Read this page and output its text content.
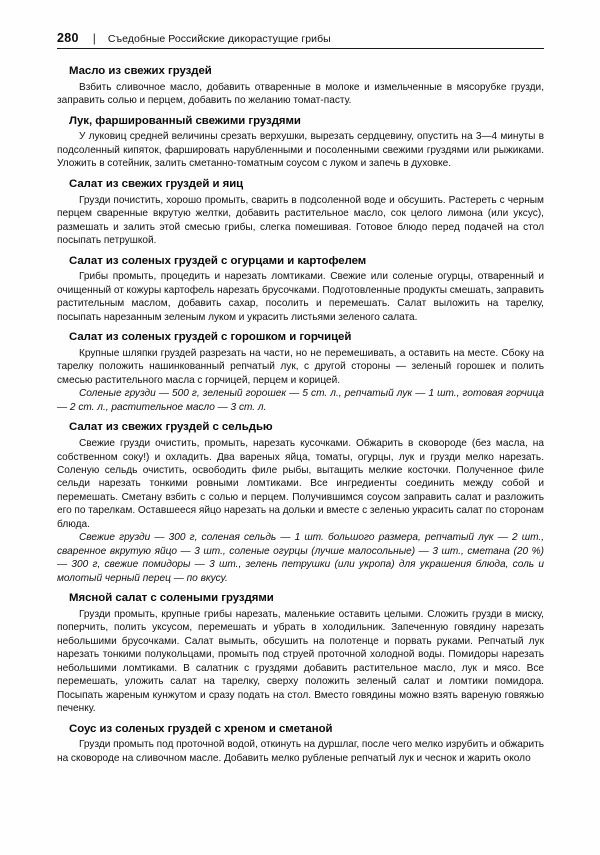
280 | Съедобные Российские дикорастущие грибы
Масло из свежих груздей

Взбить сливочное масло, добавить отваренные в молоке и измельченные в мясорубке грузди, заправить солью и перцем, добавить по желанию томат-пасту.

Лук, фаршированный свежими груздями

У луковиц средней величины срезать верхушки, вырезать сердцевину, опустить на 3—4 минуты в подсоленный кипяток, фаршировать нарубленными и посоленными свежими груздями или рыжиками. Уложить в сотейник, залить сметанно-томатным соусом с луком и запечь в духовке.

Салат из свежих груздей и яиц

Грузди почистить, хорошо промыть, сварить в подсоленной воде и обсушить. Растереть с черным перцем сваренные вкрутую желтки, добавить растительное масло, сок целого лимона (или уксус), размешать и залить этой смесью грибы, слегка помешивая. Готовое блюдо перед подачей на стол посыпать петрушкой.

Салат из соленых груздей с огурцами и картофелем

Грибы промыть, процедить и нарезать ломтиками. Свежие или соленые огурцы, отваренный и очищенный от кожуры картофель нарезать брусочками. Подготовленные продукты смешать, заправить растительным маслом, добавить сахар, посолить и перемешать. Салат выложить на тарелку, посыпать нарезанным зеленым луком и украсить листьями зеленого салата.

Салат из соленых груздей с горошком и горчицей

Крупные шляпки груздей разрезать на части, но не перемешивать, а оставить на месте. Сбоку на тарелку положить нашинкованный репчатый лук, с другой стороны — зеленый горошек и полить смесью растительного масла с горчицей, перцем и корицей.

Соленые грузди — 500 г, зеленый горошек — 5 ст. л., репчатый лук — 1 шт., готовая горчица — 2 ст. л., растительное масло — 3 ст. л.

Салат из свежих груздей с сельдью

Свежие грузди очистить, промыть, нарезать кусочками. Обжарить в сковороде (без масла, на собственном соку!) и охладить. Два вареных яйца, томаты, огурцы, лук и грузди мелко нарезать. Соленую сельдь очистить, освободить филе рыбы, вытащить мелкие косточки. Полученное филе сельди нарезать тонкими ровными ломтиками. Все ингредиенты соединить между собой и перемешать. Сметану взбить с солью и перцем. Получившимся соусом заправить салат и разложить его по тарелкам. Оставшееся яйцо нарезать на дольки и вместе с зеленью украсить салат по сторонам блюда.

Свежие грузди — 300 г, соленая сельдь — 1 шт. большого размера, репчатый лук — 2 шт., сваренное вкрутую яйцо — 3 шт., соленые огурцы (лучше малосольные) — 3 шт., сметана (20 %) — 300 г, свежие помидоры — 3 шт., зелень петрушки (или укропа) для украшения блюда, соль и молотый черный перец — по вкусу.

Мясной салат с солеными груздями

Грузди промыть, крупные грибы нарезать, маленькие оставить целыми. Сложить грузди в миску, поперчить, полить уксусом, перемешать и убрать в холодильник. Запеченную говядину нарезать небольшими брусочками. Салат вымыть, обсушить на полотенце и порвать руками. Репчатый лук нарезать тонкими полукольцами, промыть под струей проточной холодной воды. Помидоры нарезать небольшими ломтиками. В салатник с груздями добавить растительное масло, лук и мясо. Все перемешать, уложить салат на тарелку, сверху положить зеленый салат и ломтики помидора. Посыпать жареным кунжутом и сразу подать на стол. Вместо говядины можно взять вареную говяжью печенку.

Соус из соленых груздей с хреном и сметаной

Грузди промыть под проточной водой, откинуть на дуршлаг, после чего мелко изрубить и обжарить на сковороде на сливочном масле. Добавить мелко рубленые репчатый лук и чеснок и жарить около
